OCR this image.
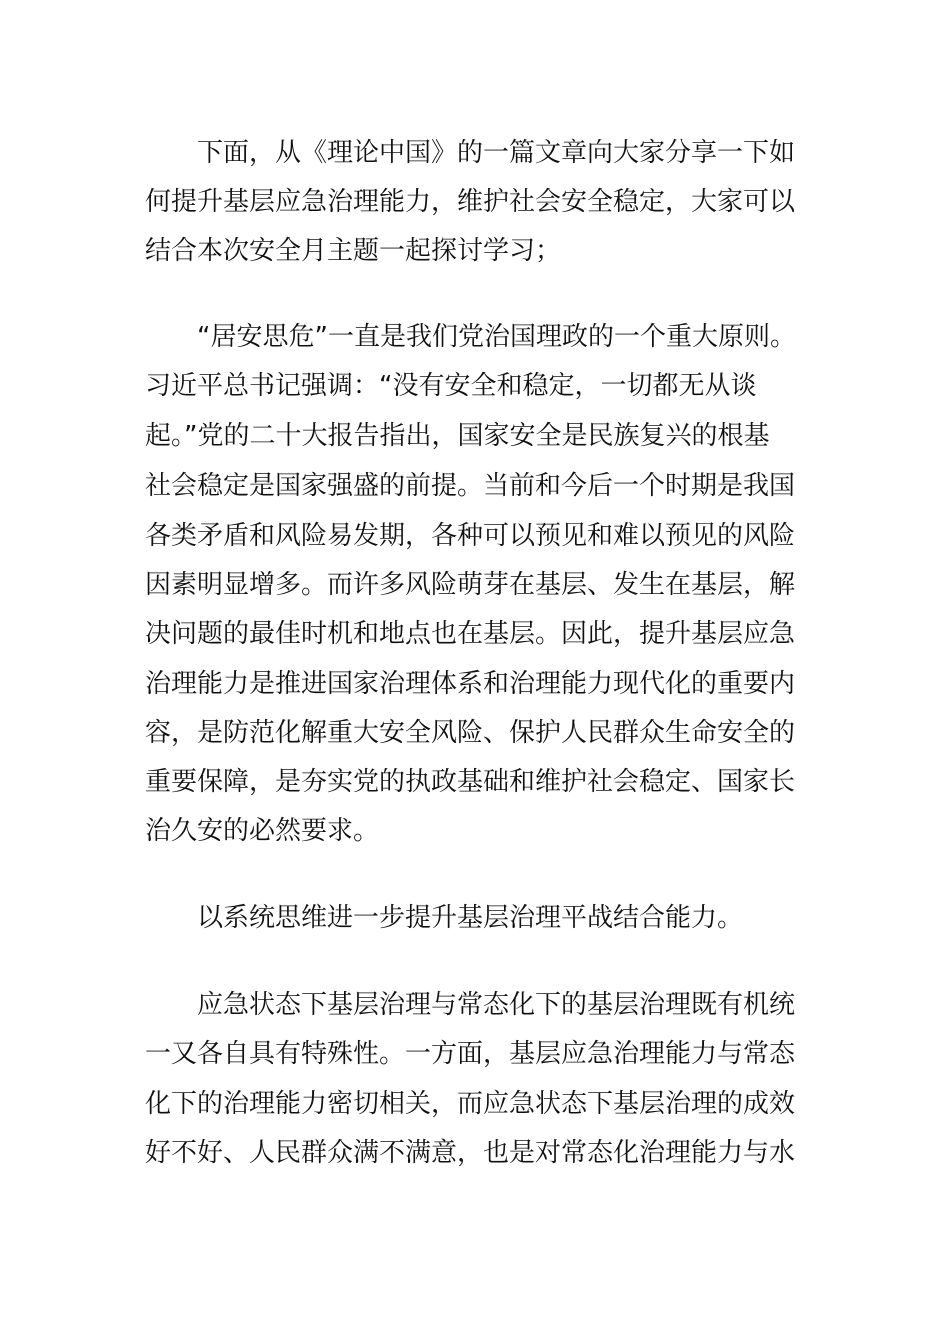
下面，从《理论中国》的一篇文章向大家分享一下如
何提升基层应急治理能力，维护社会安全稳定，大家可以
结合本次安全月主题一起探讨学习；
“居安思危”一直是我们党治国理政的一个重大原则。
习近平总书记强调：“没有安全和稳定，一切都无从谈
起。”党的二十大报告指出，国家安全是民族复兴的根基
社会稳定是国家强盛的前提。当前和今后一个时期是我国
各类矛盾和风险易发期，各种可以预见和难以预见的风险
因素明显增多。而许多风险萌芽在基层、发生在基层，解
决问题的最佳时机和地点也在基层。因此，提升基层应急
治理能力是推进国家治理体系和治理能力现代化的重要内
容，是防范化解重大安全风险、保护人民群众生命安全的
重要保障，是夯实党的执政基础和维护社会稳定、国家长
治久安的必然要求。
以系统思维进一步提升基层治理平战结合能力。
应急状态下基层治理与常态化下的基层治理既有机统
一又各自具有特殊性。一方面，基层应急治理能力与常态
化下的治理能力密切相关，而应急状态下基层治理的成效
好不好、人民群众满不满意，也是对常态化治理能力与水
